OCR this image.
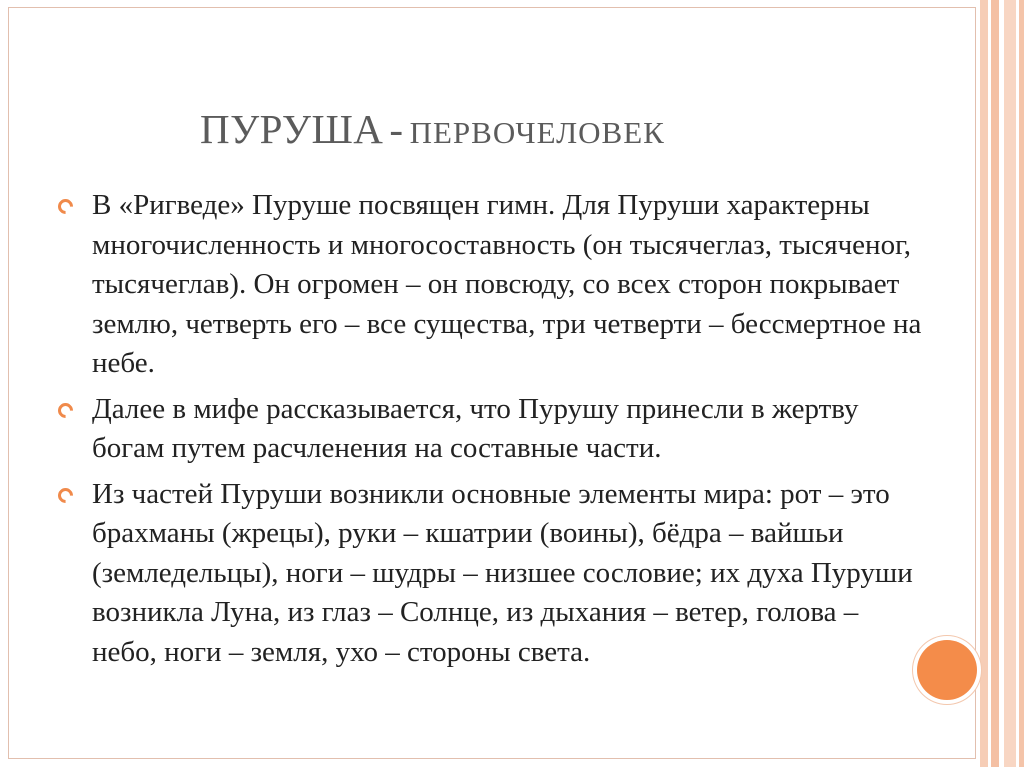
ПУРУША - ПЕРВОЧЕЛОВЕК
В «Ригведе» Пуруше посвящен гимн. Для Пуруши характерны многочисленность и многосоставность (он тысячеглаз, тысяченог, тысячеглав). Он огромен – он повсюду, со всех сторон покрывает землю, четверть его – все существа, три четверти – бессмертное на небе.
Далее в мифе рассказывается, что Пурушу принесли в жертву богам путем расчленения на составные части.
Из частей Пуруши возникли основные элементы мира: рот – это брахманы (жрецы), руки – кшатрии (воины), бёдра – вайшьи (земледельцы), ноги – шудры – низшее сословие; их духа Пуруши возникла Луна, из глаз – Солнце, из дыхания – ветер, голова – небо, ноги – земля, ухо – стороны света.
